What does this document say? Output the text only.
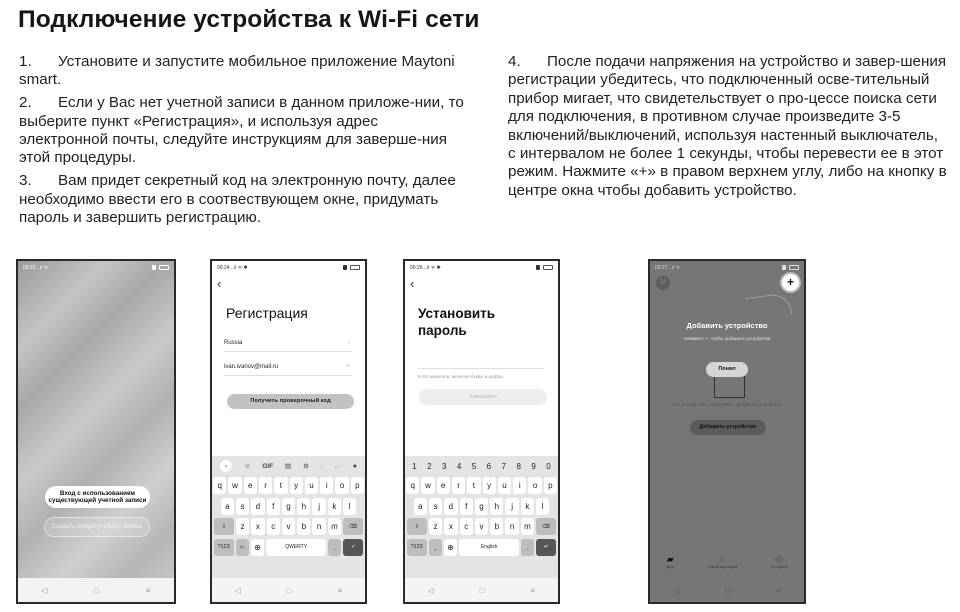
Подключение устройства к Wi-Fi сети

1. Установите и запустите мобильное приложение Maytoni smart.

2. Если у Вас нет учетной записи в данном приложе-нии, то выберите пункт «Регистрация», и используя адрес электронной почты, следуйте инструкциям для заверше-ния этой процедуры.

3. Вам придет секретный код на электронную почту, далее необходимо ввести его в соотвествующем окне, придумать пароль и завершить регистрацию.

4. После подачи напряжения на устройство и завер-шения регистрации убедитесь, что подключенный осве-тительный прибор мигает, что свидетельствует о про-цессе поиска сети для подключения, в противном случае произведите 3-5 включений/выключений, используя настенный выключатель, с интервалом не более 1 секунды, чтобы перевести ее в этот режим. Нажмите «+» в правом верхнем углу, либо на кнопку в центре окна чтобы добавить устройство.

09:22 ..ıl ᯤ
Вход с использованием существующей учетной записи
Создать новую учетную запись
◁	□	≡
09:24 ..ıl ᯤ ✱
‹
Регистрация
Russia	›
ivan.ivanov@mail.ru	×
Получить проверочный код
‹	☺ GIF ▤ ⚙ | ··· ●
q	w	e	r	t	y	u	i	o	p
a	s	d	f	g	h	j	k	l
⇧	z	x	c	v	b	n	m	⌫
?123	☺,	⊕	QWERTY	.	✓
◁	□	≡
09:26 ..ıl ᯤ ✱
‹
Установить
пароль
6-20 символов, включая буквы и цифры
Завершить
1 2 3 4 5 6 7 8 9 0
q	w	e	r	t	y	u	i	o	p
a	s	d	f	g	h	j	k	l
⇧	z	x	c	v	b	n	m	⌫
?123	,	⊕	English	.	↵
◁	□	≡
09:27 ..ıl ᯤ
M	+
Добавить устройство
Нажмите +, чтобы добавить устройства
Понял
Нет устройства, пожалуйста, добавьте устройства
Добавить устройство
▰
Дом
☼
Новый сценарий
◎
Профиль
◁	□	≡
